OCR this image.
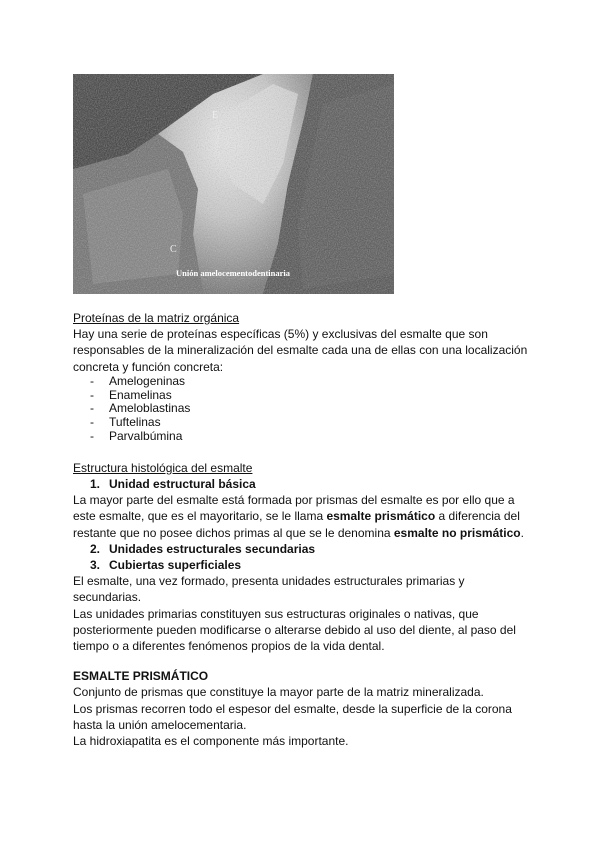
E
C
Unión amelocementodentinaria

Proteínas de la matriz orgánica

Hay una serie de proteínas específicas (5%) y exclusivas del esmalte que son responsables de la mineralización del esmalte cada una de ellas con una localización concreta y función concreta:

- Amelogeninas
- Enamelinas
- Ameloblastinas
- Tuftelinas
- Parvalbúmina

Estructura histológica del esmalte

1. Unidad estructural básica

La mayor parte del esmalte está formada por prismas del esmalte es por ello que a este esmalte, que es el mayoritario, se le llama esmalte prismático a diferencia del restante que no posee dichos primas al que se le denomina esmalte no prismático.

2. Unidades estructurales secundarias

3. Cubiertas superficiales

El esmalte, una vez formado, presenta unidades estructurales primarias y secundarias.

Las unidades primarias constituyen sus estructuras originales o nativas, que posteriormente pueden modificarse o alterarse debido al uso del diente, al paso del tiempo o a diferentes fenómenos propios de la vida dental.

ESMALTE PRISMÁTICO

Conjunto de prismas que constituye la mayor parte de la matriz mineralizada.

Los prismas recorren todo el espesor del esmalte, desde la superficie de la corona hasta la unión amelocementaria.

La hidroxiapatita es el componente más importante.
